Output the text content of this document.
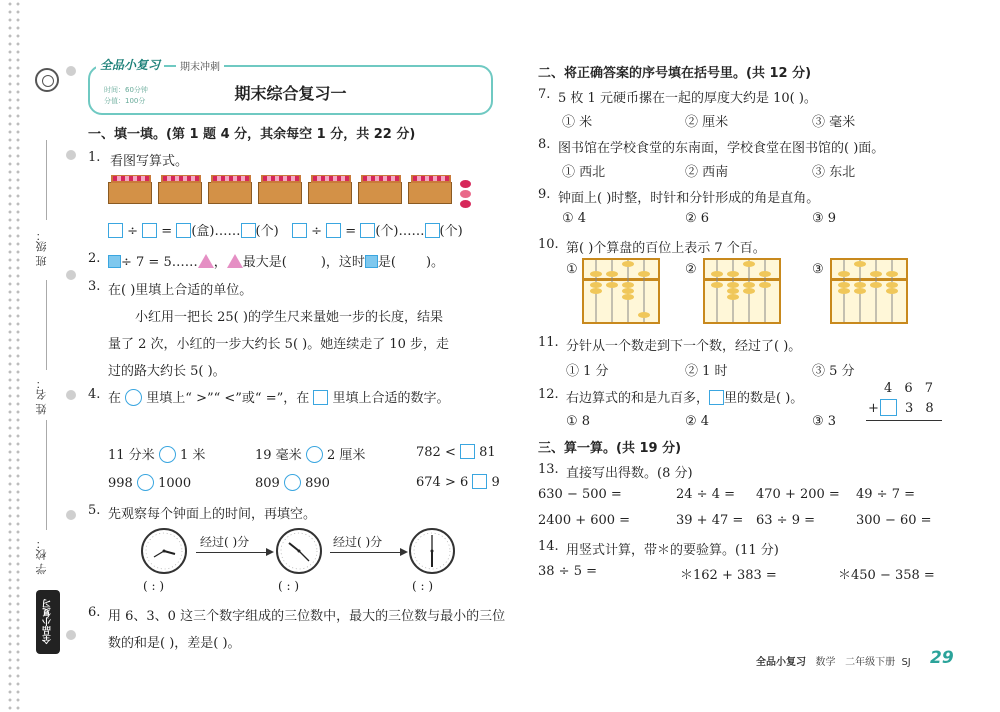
班 级：
姓 名：
学 校：
全品小复习
全品小复习	期末冲刺
时间：60分钟
分值：100分	期末综合复习一
一、填一填。(第 1 题 4 分，其余每空 1 分，共 22 分)
1. 看图写算式。
÷  = (盒)…… (个)	÷  = (个)…… (个)
2.	÷ 7 = 5…… ， 最大是(	)，这时 是( )。
3. 在( )里填上合适的单位。
小红用一把长 25( )的学生尺来量她一步的长度，结果
量了 2 次，小红的一步大约长 5( )。她连续走了 10 步，走
过的路大约长 5( )。
4. 在 里填上“ >”“ <”或“ =”，在 里填上合适的数字。
11 分米 1 米	19 毫米 2 厘米	782 < 81
998 1000	809 890	674 > 6 9
5. 先观察每个钟面上的时间，再填空。
经过( )分	经过( )分
( : )	( : )	( : )
6. 用 6、3、0 这三个数字组成的三位数中，最大的三位数与最小的三位
数的和是( )，差是( )。
二、将正确答案的序号填在括号里。(共 12 分)
7. 5 枚 1 元硬币摞在一起的厚度大约是 10( )。
① 米	② 厘米	③ 毫米
8. 图书馆在学校食堂的东南面，学校食堂在图书馆的( )面。
① 西北	② 西南	③ 东北
9. 钟面上( )时整，时针和分针形成的角是直角。
① 4	② 6	③ 9
10. 第( )个算盘的百位上表示 7 个百。
①	②	③
11. 分针从一个数走到下一个数，经过了( )。
① 1 分	② 1 时	③ 5 分
12. 右边算式的和是九百多， 里的数是( )。
① 8	② 4	③ 3
4 6 7
+ 3 8
三、算一算。(共 19 分)
13. 直接写出得数。(8 分)
630 − 500 =	24 ÷ 4 = 470 + 200 = 49 ÷ 7 =
2400 + 600 =	39 + 47 = 63 ÷ 9 =	300 − 60 =
14. 用竖式计算，带＊的要验算。(11 分)
38 ÷ 5 =	＊162 + 383 =	＊450 − 358 =
全品小复习 数学 二年级下册 SJ 29
